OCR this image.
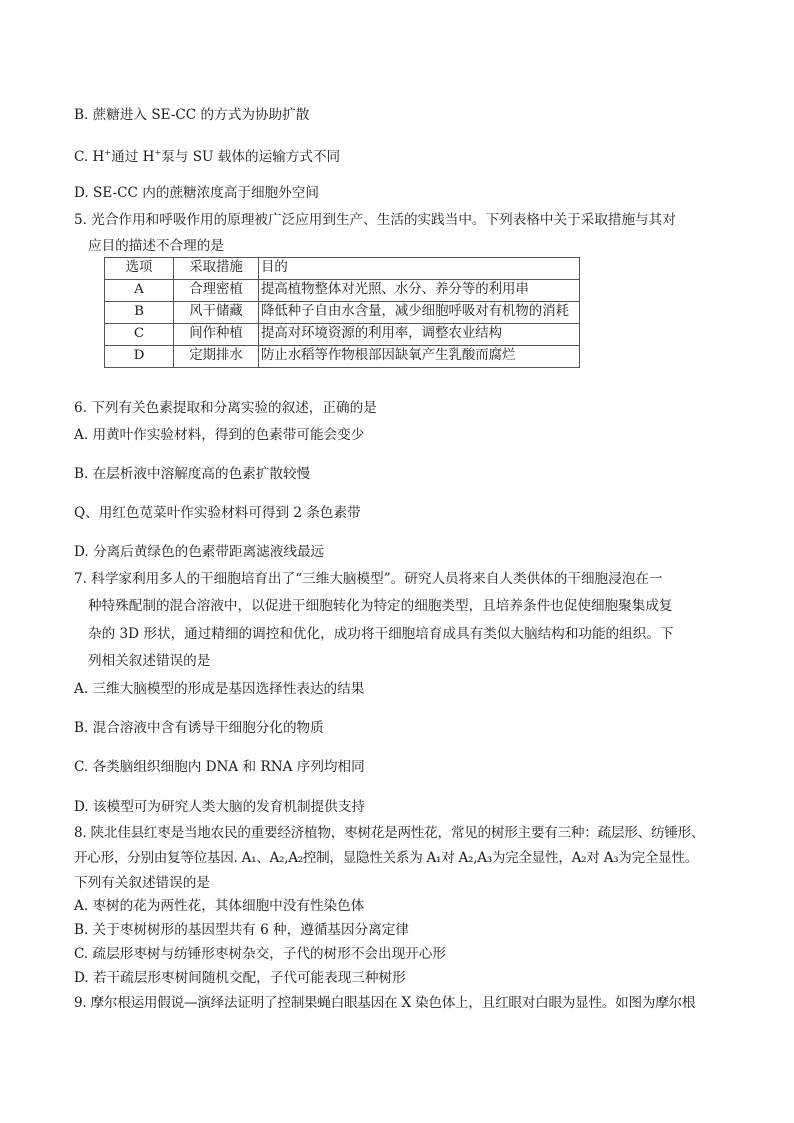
B. 蔗糖进入 SE-CC 的方式为协助扩散
C. H+通过 H+泵与 SU 载体的运输方式不同
D. SE-CC 内的蔗糖浓度高于细胞外空间
5. 光合作用和呼吸作用的原理被广泛应用到生产、生活的实践当中。下列表格中关于采取措施与其对
应目的描述不合理的是
选项	采取措施	目的
A	合理密植	提高植物整体对光照、水分、养分等的利用串
B	风干储藏	降低种子自由水含量，减少细胞呼吸对有机物的消耗
C	间作种植	提高对环境资源的利用率，调整农业结构
D	定期排水	防止水稻等作物根部因缺氧产生乳酸而腐烂
6. 下列有关色素提取和分离实验的叙述，正确的是
A. 用黄叶作实验材料，得到的色素带可能会变少
B. 在层析液中溶解度高的色素扩散较慢
Q、用红色苋菜叶作实验材料可得到 2 条色素带
D. 分离后黄绿色的色素带距离滤液线最远
7. 科学家利用多人的干细胞培育出了“三维大脑模型”。研究人员将来自人类供体的干细胞浸泡在一
种特殊配制的混合溶液中，以促进干细胞转化为特定的细胞类型，且培养条件也促使细胞聚集成复
杂的 3D 形状，通过精细的调控和优化，成功将干细胞培育成具有类似大脑结构和功能的组织。下
列相关叙述错误的是
A. 三维大脑模型的形成是基因选择性表达的结果
B. 混合溶液中含有诱导干细胞分化的物质
C. 各类脑组织细胞内 DNA 和 RNA 序列均相同
D. 该模型可为研究人类大脑的发育机制提供支持
8. 陕北佳县红枣是当地农民的重要经济植物，枣树花是两性花，常见的树形主要有三种：疏层形、纺锤形、
开心形，分别由复等位基因. A₁、A₂,A₂控制，显隐性关系为 A₁对 A₂,A₃为完全显性，A₂对 A₃为完全显性。
下列有关叙述错误的是
A. 枣树的花为两性花，其体细胞中没有性染色体
B. 关于枣树树形的基因型共有 6 种，遵循基因分离定律
C. 疏层形枣树与纺锤形枣树杂交，子代的树形不会出现开心形
D. 若干疏层形枣树间随机交配，子代可能表现三种树形
9. 摩尔根运用假说—演绎法证明了控制果蝇白眼基因在 X 染色体上，且红眼对白眼为显性。如图为摩尔根
